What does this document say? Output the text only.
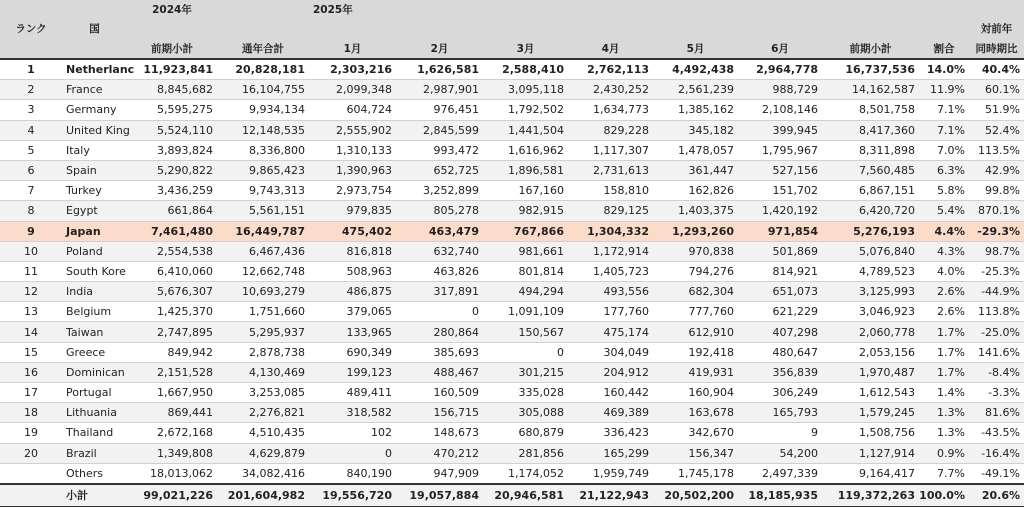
		2024年		2025年								
ランク	国											対前年
		前期小計	通年合計	1月	2月	3月	4月	5月	6月	前期小計	割合	同時期比
1	Netherlanc	11,923,841	20,828,181	2,303,216	1,626,581	2,588,410	2,762,113	4,492,438	2,964,778	16,737,536	14.0%	40.4%
2	France	8,845,682	16,104,755	2,099,348	2,987,901	3,095,118	2,430,252	2,561,239	988,729	14,162,587	11.9%	60.1%
3	Germany	5,595,275	9,934,134	604,724	976,451	1,792,502	1,634,773	1,385,162	2,108,146	8,501,758	7.1%	51.9%
4	United King	5,524,110	12,148,535	2,555,902	2,845,599	1,441,504	829,228	345,182	399,945	8,417,360	7.1%	52.4%
5	Italy	3,893,824	8,336,800	1,310,133	993,472	1,616,962	1,117,307	1,478,057	1,795,967	8,311,898	7.0%	113.5%
6	Spain	5,290,822	9,865,423	1,390,963	652,725	1,896,581	2,731,613	361,447	527,156	7,560,485	6.3%	42.9%
7	Turkey	3,436,259	9,743,313	2,973,754	3,252,899	167,160	158,810	162,826	151,702	6,867,151	5.8%	99.8%
8	Egypt	661,864	5,561,151	979,835	805,278	982,915	829,125	1,403,375	1,420,192	6,420,720	5.4%	870.1%
9	Japan	7,461,480	16,449,787	475,402	463,479	767,866	1,304,332	1,293,260	971,854	5,276,193	4.4%	-29.3%
10	Poland	2,554,538	6,467,436	816,818	632,740	981,661	1,172,914	970,838	501,869	5,076,840	4.3%	98.7%
11	South Kore	6,410,060	12,662,748	508,963	463,826	801,814	1,405,723	794,276	814,921	4,789,523	4.0%	-25.3%
12	India	5,676,307	10,693,279	486,875	317,891	494,294	493,556	682,304	651,073	3,125,993	2.6%	-44.9%
13	Belgium	1,425,370	1,751,660	379,065	0	1,091,109	177,760	777,760	621,229	3,046,923	2.6%	113.8%
14	Taiwan	2,747,895	5,295,937	133,965	280,864	150,567	475,174	612,910	407,298	2,060,778	1.7%	-25.0%
15	Greece	849,942	2,878,738	690,349	385,693	0	304,049	192,418	480,647	2,053,156	1.7%	141.6%
16	Dominican	2,151,528	4,130,469	199,123	488,467	301,215	204,912	419,931	356,839	1,970,487	1.7%	-8.4%
17	Portugal	1,667,950	3,253,085	489,411	160,509	335,028	160,442	160,904	306,249	1,612,543	1.4%	-3.3%
18	Lithuania	869,441	2,276,821	318,582	156,715	305,088	469,389	163,678	165,793	1,579,245	1.3%	81.6%
19	Thailand	2,672,168	4,510,435	102	148,673	680,879	336,423	342,670	9	1,508,756	1.3%	-43.5%
20	Brazil	1,349,808	4,629,879	0	470,212	281,856	165,299	156,347	54,200	1,127,914	0.9%	-16.4%
	Others	18,013,062	34,082,416	840,190	947,909	1,174,052	1,959,749	1,745,178	2,497,339	9,164,417	7.7%	-49.1%
	小計	99,021,226	201,604,982	19,556,720	19,057,884	20,946,581	21,122,943	20,502,200	18,185,935	119,372,263	100.0%	20.6%
